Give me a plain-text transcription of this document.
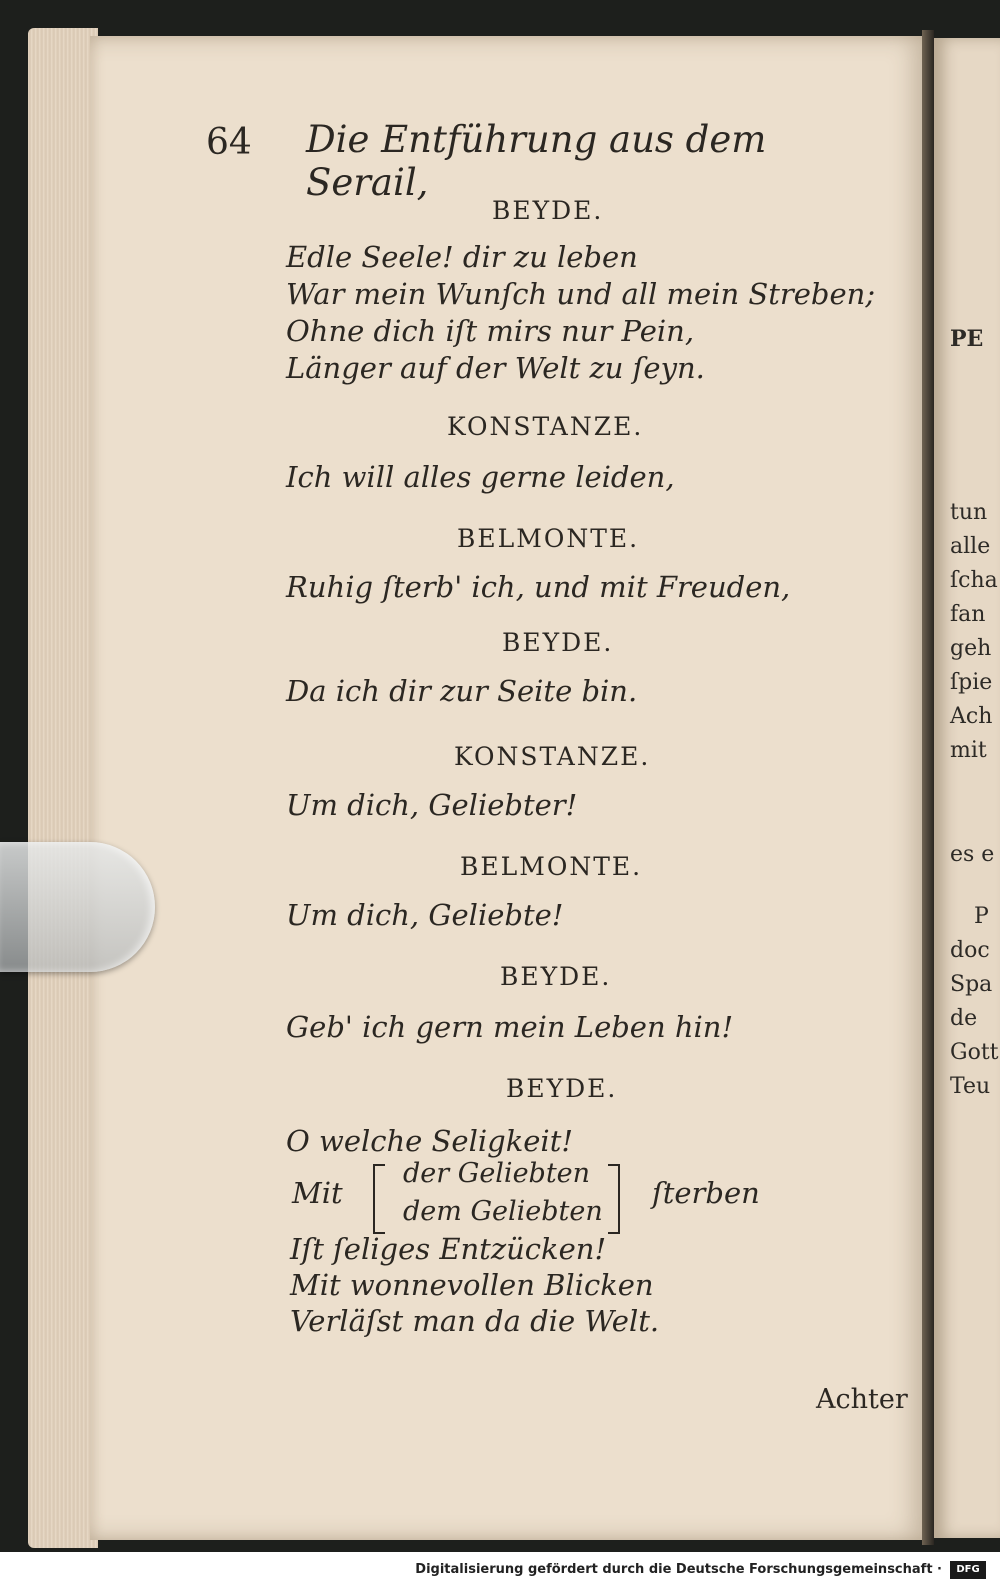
PE
tun
alle
ſcha
fan
geh
ſpie
Ach
mit
es e
P
doc
Spa
de
Gott
Teu
64 Die Entführung aus dem Serail,
BEYDE.
Edle Seele! dir zu leben
War mein Wunſch und all mein Streben;
Ohne dich iſt mirs nur Pein,
Länger auf der Welt zu ſeyn.
KONSTANZE.
Ich will alles gerne leiden,
BELMONTE.
Ruhig ſterb' ich, und mit Freuden,
BEYDE.
Da ich dir zur Seite bin.
KONSTANZE.
Um dich, Geliebter!
BELMONTE.
Um dich, Geliebte!
BEYDE.
Geb' ich gern mein Leben hin!
BEYDE.
O welche Seligkeit!
Mit
der Geliebten
dem Geliebten
ſterben
Iſt ſeliges Entzücken!
Mit wonnevollen Blicken
Verläſst man da die Welt.
Achter
Digitalisierung gefördert durch die Deutsche Forschungsgemeinschaft ·	DFG
